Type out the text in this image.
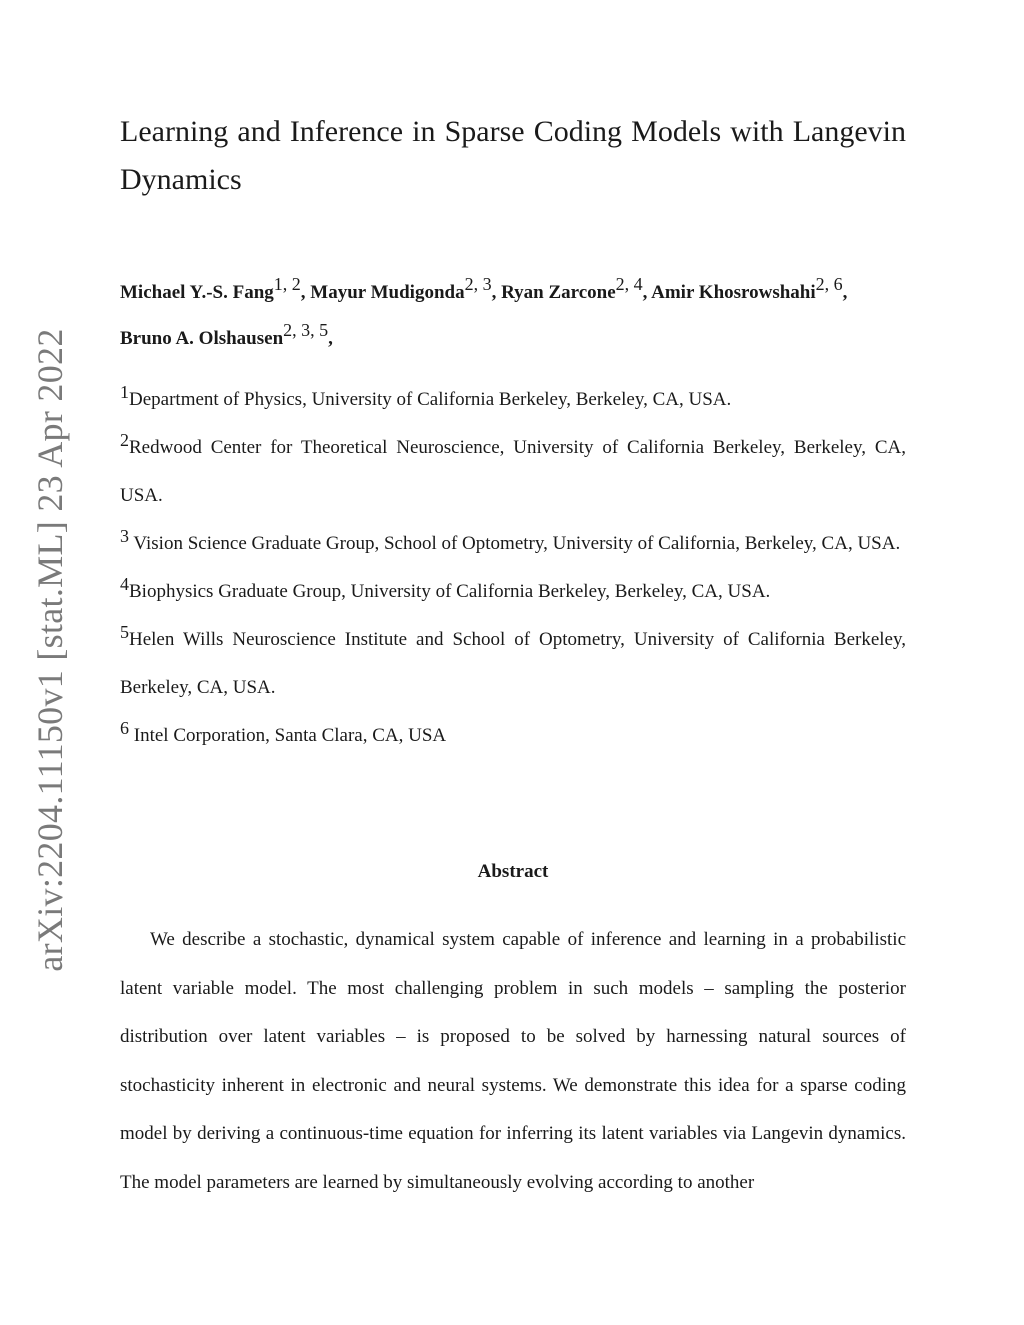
arXiv:2204.11150v1 [stat.ML] 23 Apr 2022
Learning and Inference in Sparse Coding Models with Langevin Dynamics
Michael Y.-S. Fang1, 2, Mayur Mudigonda2, 3, Ryan Zarcone2, 4, Amir Khosrowshahi2, 6,
Bruno A. Olshausen2, 3, 5,
1Department of Physics, University of California Berkeley, Berkeley, CA, USA.
2Redwood Center for Theoretical Neuroscience, University of California Berkeley, Berkeley, CA, USA.
3 Vision Science Graduate Group, School of Optometry, University of California, Berkeley, CA, USA.
4Biophysics Graduate Group, University of California Berkeley, Berkeley, CA, USA.
5Helen Wills Neuroscience Institute and School of Optometry, University of California Berkeley, Berkeley, CA, USA.
6 Intel Corporation, Santa Clara, CA, USA
Abstract

We describe a stochastic, dynamical system capable of inference and learning in a probabilistic latent variable model. The most challenging problem in such models – sampling the posterior distribution over latent variables – is proposed to be solved by harnessing natural sources of stochasticity inherent in electronic and neural systems. We demonstrate this idea for a sparse coding model by deriving a continuous-time equation for inferring its latent variables via Langevin dynamics. The model parameters are learned by simultaneously evolving according to another
